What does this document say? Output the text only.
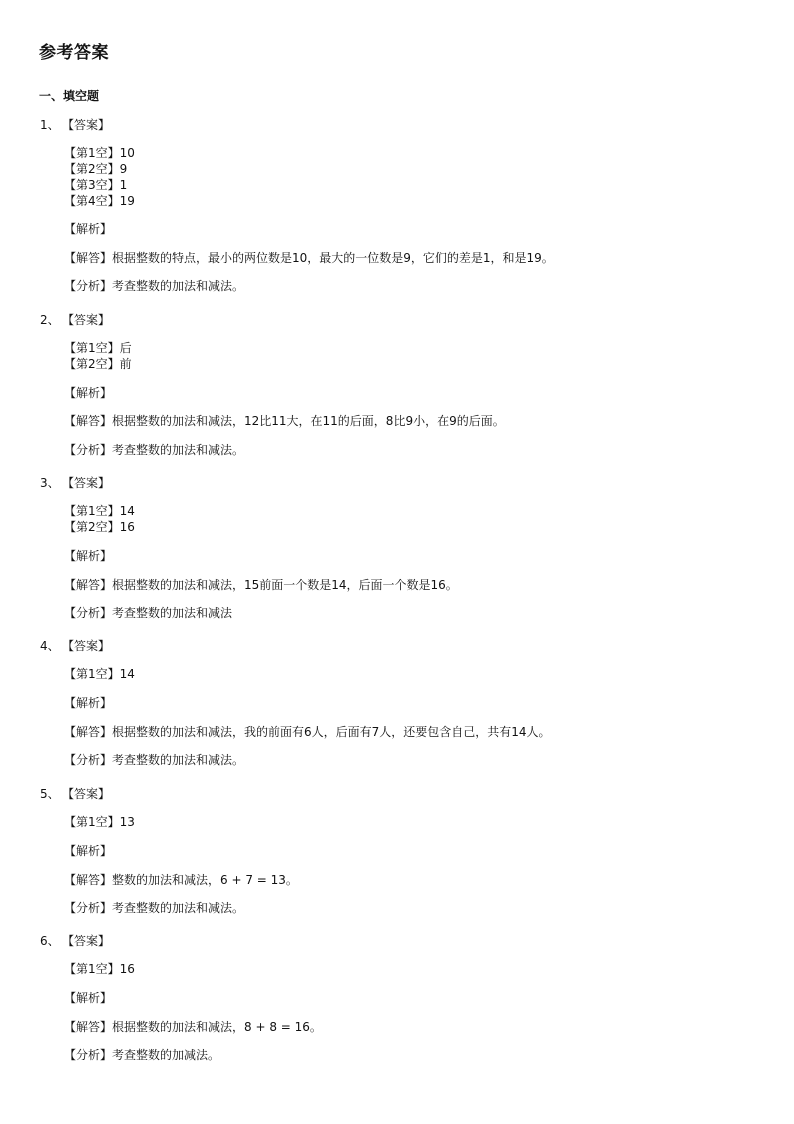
参考答案
一、填空题
1、 【答案】
【第1空】10
【第2空】9
【第3空】1
【第4空】19
【解析】
【解答】根据整数的特点，最小的两位数是10，最大的一位数是9，它们的差是1，和是19。
【分析】考查整数的加法和减法。
2、 【答案】
【第1空】后
【第2空】前
【解析】
【解答】根据整数的加法和减法，12比11大，在11的后面，8比9小，在9的后面。
【分析】考查整数的加法和减法。
3、 【答案】
【第1空】14
【第2空】16
【解析】
【解答】根据整数的加法和减法，15前面一个数是14，后面一个数是16。
【分析】考查整数的加法和减法
4、 【答案】
【第1空】14
【解析】
【解答】根据整数的加法和减法，我的前面有6人，后面有7人，还要包含自己，共有14人。
【分析】考查整数的加法和减法。
5、 【答案】
【第1空】13
【解析】
【解答】整数的加法和减法，6 + 7 = 13。
【分析】考查整数的加法和减法。
6、 【答案】
【第1空】16
【解析】
【解答】根据整数的加法和减法，8 + 8 = 16。
【分析】考查整数的加减法。
